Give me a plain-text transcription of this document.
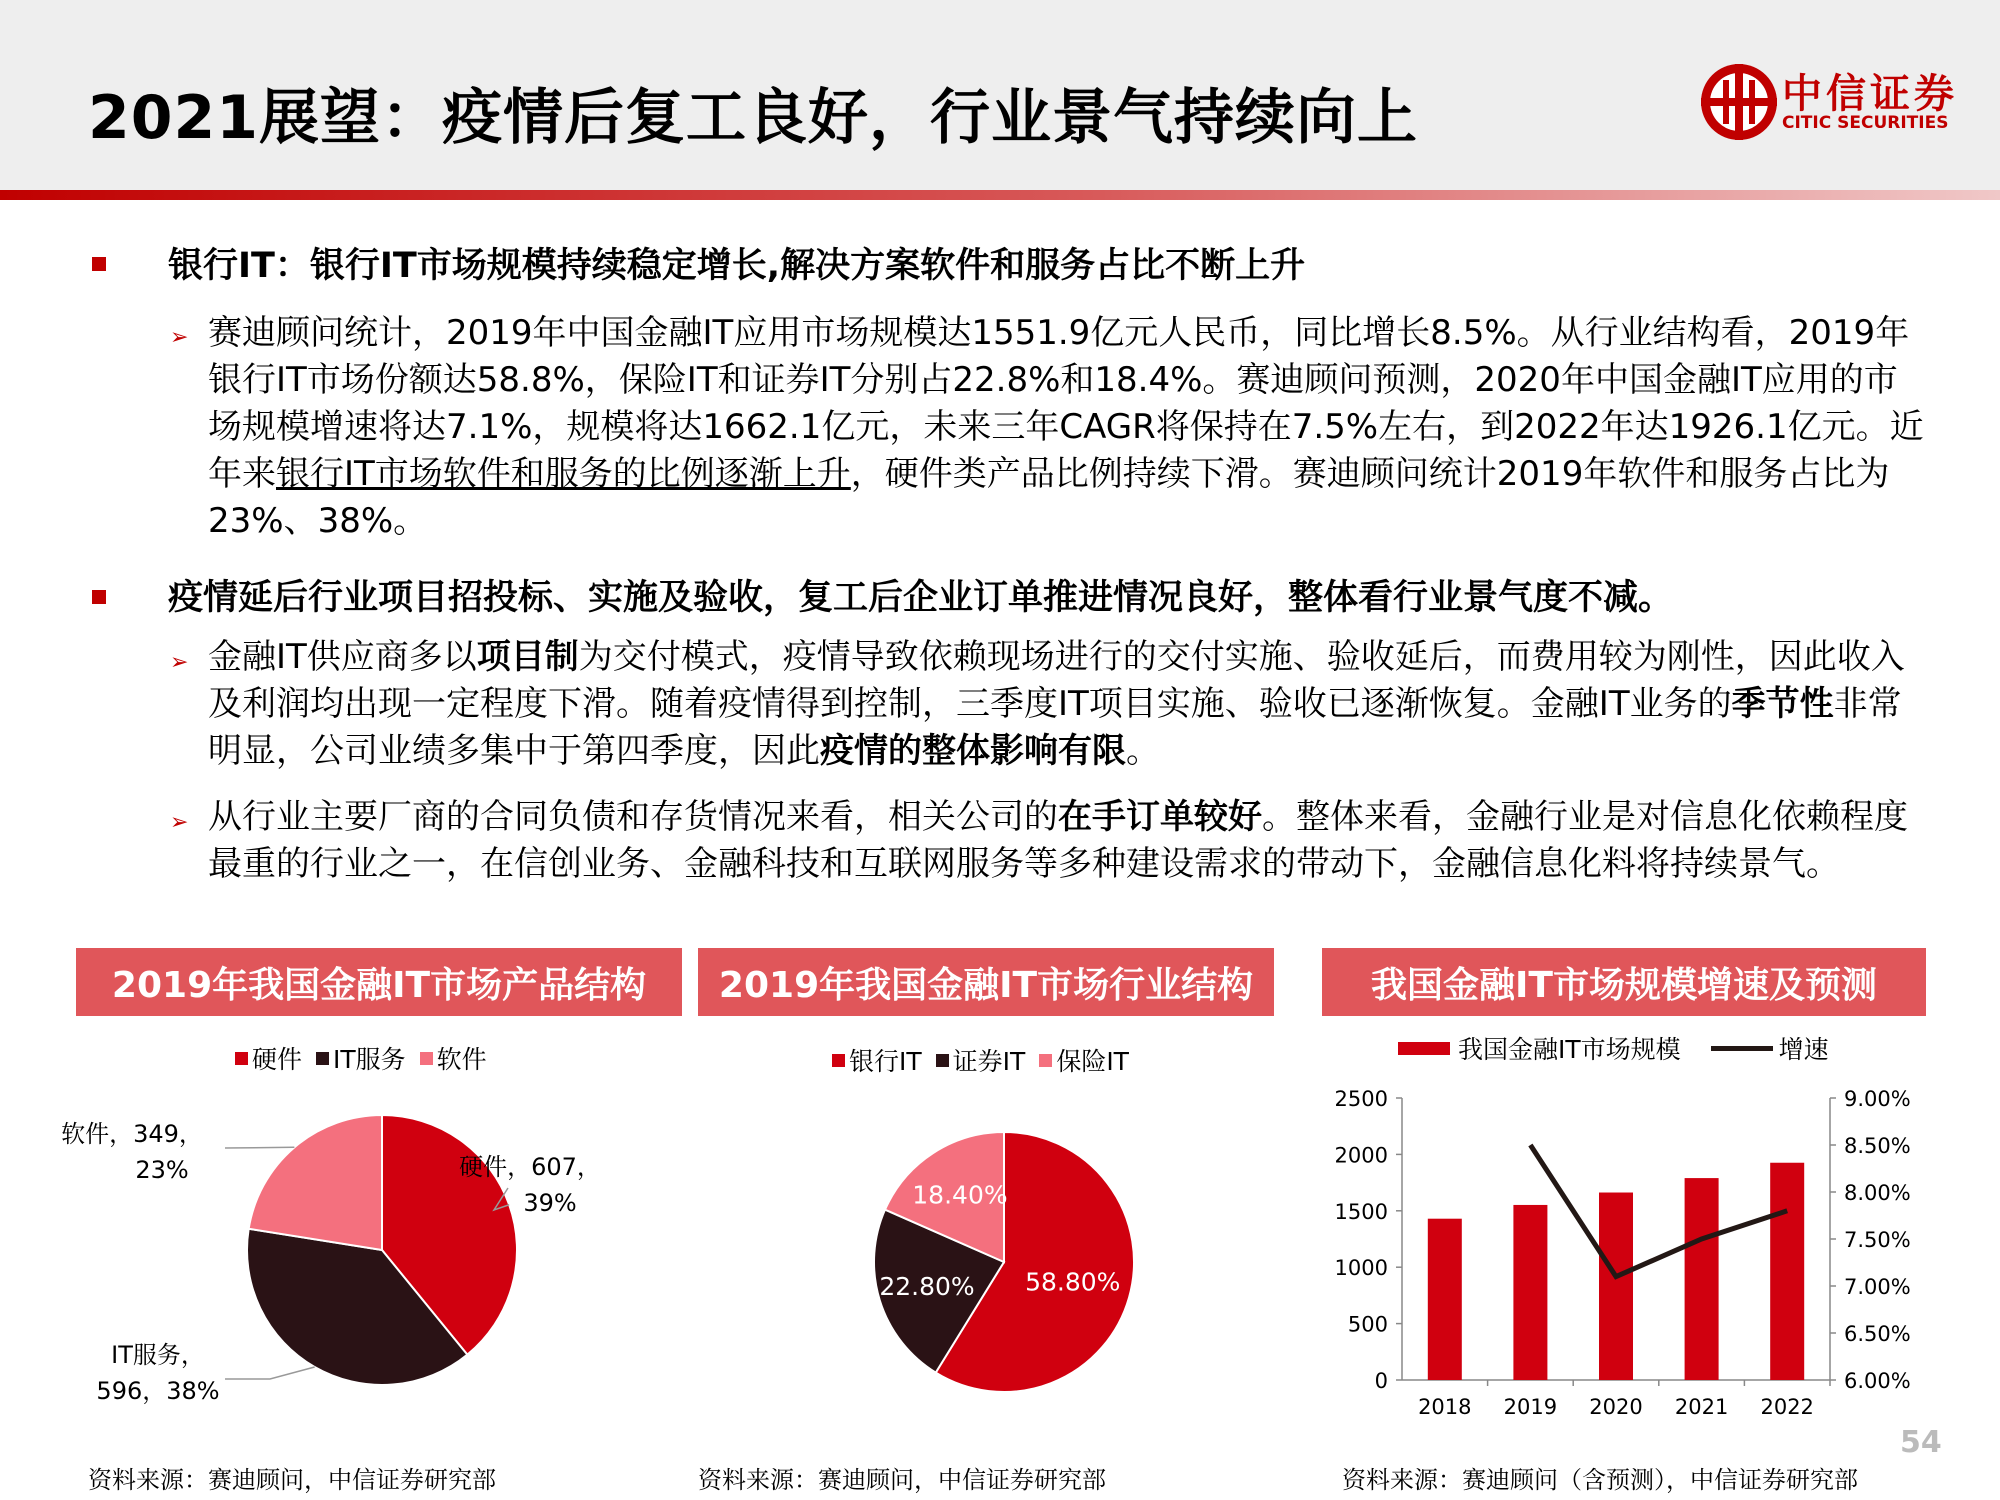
2021展望：疫情后复工良好，行业景气持续向上	中信证券
CITIC SECURITIES
银行IT：银行IT市场规模持续稳定增长,解决方案软件和服务占比不断上升
➢ 赛迪顾问统计，2019年中国金融IT应用市场规模达1551.9亿元人民币，同比增长8.5%。从行业结构看，2019年银行IT市场份额达58.8%，保险IT和证券IT分别占22.8%和18.4%。赛迪顾问预测，2020年中国金融IT应用的市场规模增速将达7.1%，规模将达1662.1亿元，未来三年CAGR将保持在7.5%左右，到2022年达1926.1亿元。近年来银行IT市场软件和服务的比例逐渐上升，硬件类产品比例持续下滑。赛迪顾问统计2019年软件和服务占比为23%、38%。
疫情延后行业项目招投标、实施及验收，复工后企业订单推进情况良好，整体看行业景气度不减。
➢ 金融IT供应商多以项目制为交付模式，疫情导致依赖现场进行的交付实施、验收延后，而费用较为刚性，因此收入及利润均出现一定程度下滑。随着疫情得到控制，三季度IT项目实施、验收已逐渐恢复。金融IT业务的季节性非常明显，公司业绩多集中于第四季度，因此疫情的整体影响有限。
➢ 从行业主要厂商的合同负债和存货情况来看，相关公司的在手订单较好。整体来看，金融行业是对信息化依赖程度最重的行业之一，在信创业务、金融科技和互联网服务等多种建设需求的带动下，金融信息化料将持续景气。
2019年我国金融IT市场产品结构	2019年我国金融IT市场行业结构	我国金融IT市场规模增速及预测
硬件 IT服务 软件	银行IT 证券IT 保险IT	我国金融IT市场规模	增速
硬件，607，
39%
IT服务，
596，38%
软件，349，
23%
58.80%
22.80%
18.40%
2500
2000
1500
1000
500
0
9.00%
8.50%
8.00%
7.50%
7.00%
6.50%
6.00%
2018 2019 2020 2021 2022
资料来源：赛迪顾问，中信证券研究部	资料来源：赛迪顾问，中信证券研究部	资料来源：赛迪顾问（含预测），中信证券研究部
54
